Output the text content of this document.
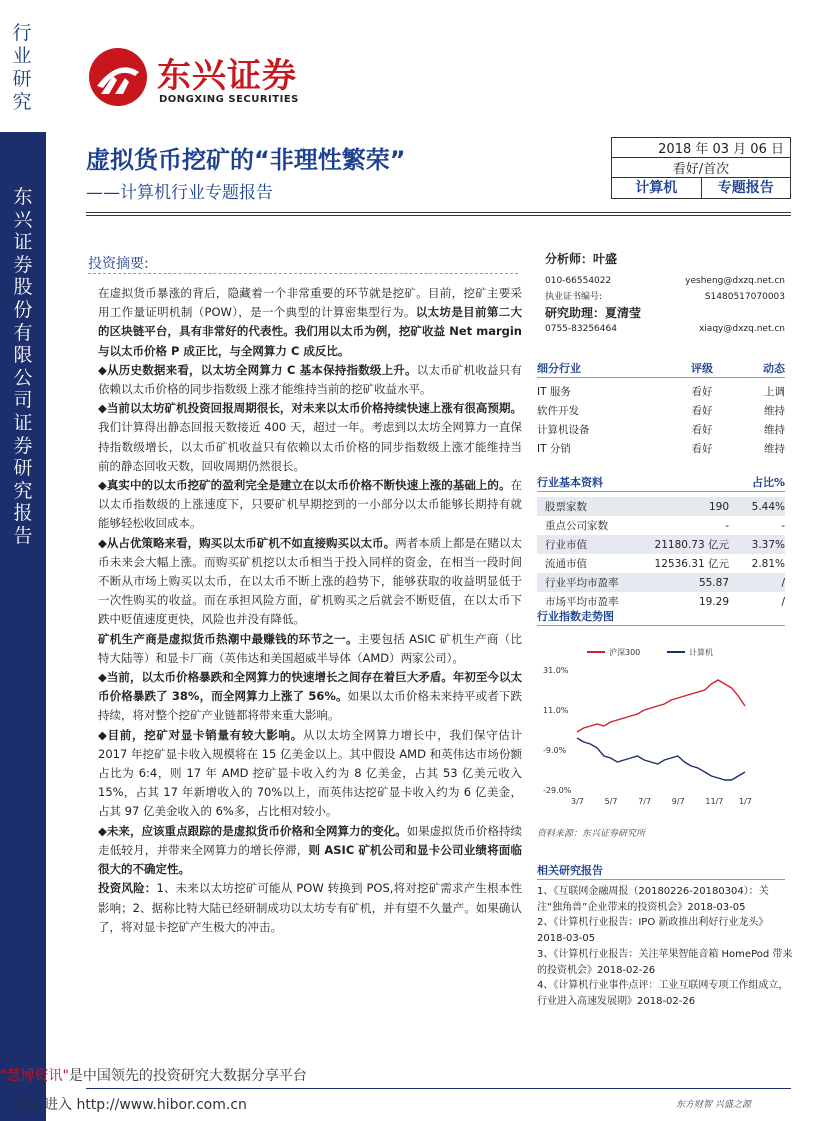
行业研究
东兴证券股份有限公司证券研究报告
东兴证券
DONGXING SECURITIES
虚拟货币挖矿的“非理性繁荣”
——计算机行业专题报告
2018 年 03 月 06 日
看好/首次
计算机	专题报告
投资摘要:

在虚拟货币暴涨的背后，隐藏着一个非常重要的环节就是挖矿。目前，挖矿主要采用工作量证明机制（POW），是一个典型的计算密集型行为。以太坊是目前第二大的区块链平台，具有非常好的代表性。我们用以太币为例，挖矿收益 Net margin 与以太币价格 P 成正比，与全网算力 C 成反比。

◆从历史数据来看，以太坊全网算力 C 基本保持指数级上升。以太币矿机收益只有依赖以太币价格的同步指数级上涨才能维持当前的挖矿收益水平。

◆当前以太坊矿机投资回报周期很长，对未来以太币价格持续快速上涨有很高预期。我们计算得出静态回报天数接近 400 天，超过一年。考虑到以太坊全网算力一直保持指数级增长，以太币矿机收益只有依赖以太币价格的同步指数级上涨才能维持当前的静态回收天数，回收周期仍然很长。

◆真实中的以太币挖矿的盈利完全是建立在以太币价格不断快速上涨的基础上的。在以太币指数级的上涨速度下，只要矿机早期挖到的一小部分以太币能够长期持有就能够轻松收回成本。

◆从占优策略来看，购买以太币矿机不如直接购买以太币。两者本质上都是在赌以太币未来会大幅上涨。而购买矿机挖以太币相当于投入同样的资金，在相当一段时间不断从市场上购买以太币，在以太币不断上涨的趋势下，能够获取的收益明显低于一次性购买的收益。而在承担风险方面，矿机购买之后就会不断贬值，在以太币下跌中贬值速度更快，风险也并没有降低。

矿机生产商是虚拟货币热潮中最赚钱的环节之一。主要包括 ASIC 矿机生产商（比特大陆等）和显卡厂商（英伟达和美国超威半导体（AMD）两家公司）。

◆当前，以太币价格暴跌和全网算力的快速增长之间存在着巨大矛盾。年初至今以太币价格暴跌了 38%，而全网算力上涨了 56%。如果以太币价格未来持平或者下跌持续，将对整个挖矿产业链都将带来重大影响。

◆目前，挖矿对显卡销量有较大影响。从以太坊全网算力增长中，我们保守估计 2017 年挖矿显卡收入规模将在 15 亿美金以上。其中假设 AMD 和英伟达市场份额占比为 6:4，则 17 年 AMD 挖矿显卡收入约为 8 亿美金，占其 53 亿美元收入 15%，占其 17 年新增收入的 70%以上，而英伟达挖矿显卡收入约为 6 亿美金，占其 97 亿美金收入的 6%多，占比相对较小。

◆未来，应该重点跟踪的是虚拟货币价格和全网算力的变化。如果虚拟货币价格持续走低较月，并带来全网算力的增长停滞，则 ASIC 矿机公司和显卡公司业绩将面临很大的不确定性。

投资风险：1、未来以太坊挖矿可能从 POW 转换到 POS,将对挖矿需求产生根本性影响；2、据称比特大陆已经研制成功以太坊专有矿机，并有望不久量产。如果确认了，将对显卡挖矿产生极大的冲击。

分析师：叶盛
010-66554022	yesheng@dxzq.net.cn
执业证书编号:	S1480517070003
研究助理：夏清莹
0755-83256464	xiaqy@dxzq.net.cn
细分行业	评级	动态
IT 服务	看好	上调
软件开发	看好	维持
计算机设备	看好	维持
IT 分销	看好	维持
行业基本资料	占比%
股票家数	190	5.44%
重点公司家数	-	-
行业市值	21180.73 亿元	3.37%
流通市值	12536.31 亿元	2.81%
行业平均市盈率	55.87	/
市场平均市盈率	19.29	/
行业指数走势图
31.0%
11.0%
-9.0%
-29.0%
3/7	5/7	7/7	9/7	11/7 1/7
沪深300	计算机
资料来源：东兴证券研究所
相关研究报告
1、《互联网金融周报（20180226-20180304）：关注“独角兽”企业带来的投资机会》2018-03-05
2、《计算机行业报告：IPO 新政推出利好行业龙头》2018-03-05
3、《计算机行业报告：关注苹果智能音箱 HomePod 带来的投资机会》2018-02-26
4、《计算机行业事件点评：工业互联网专项工作组成立，行业进入高速发展期》2018-02-26
东方财智 兴盛之源
"慧博资讯"是中国领先的投资研究大数据分享平台
点击进入 http://www.hibor.com.cn
